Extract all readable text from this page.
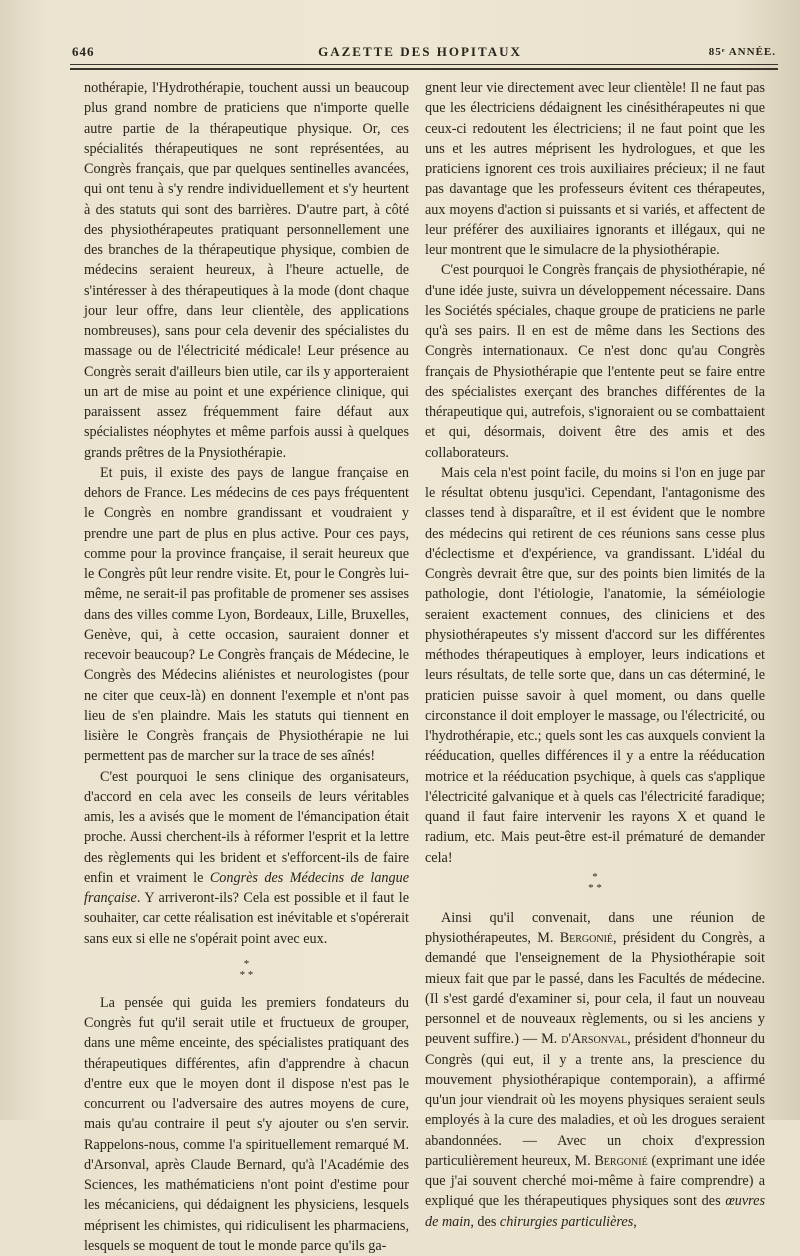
646	GAZETTE DES HOPITAUX	85ᵉ ANNÉE.

nothérapie, l'Hydrothérapie, touchent aussi un beaucoup plus grand nombre de praticiens que n'importe quelle autre partie de la thérapeutique physique. Or, ces spécialités thérapeutiques ne sont représentées, au Congrès français, que par quelques sentinelles avancées, qui ont tenu à s'y rendre individuellement et s'y heurtent à des statuts qui sont des barrières. D'autre part, à côté des physiothérapeutes pratiquant personnellement une des branches de la thérapeutique physique, combien de médecins seraient heureux, à l'heure actuelle, de s'intéresser à des thérapeutiques à la mode (dont chaque jour leur offre, dans leur clientèle, des applications nombreuses), sans pour cela devenir des spécialistes du massage ou de l'électricité médicale! Leur présence au Congrès serait d'ailleurs bien utile, car ils y apporteraient un art de mise au point et une expérience clinique, qui paraissent assez fréquemment faire défaut aux spécialistes néophytes et même parfois aussi à quelques grands prêtres de la Pnysiothérapie.

Et puis, il existe des pays de langue française en dehors de France. Les médecins de ces pays fréquentent le Congrès en nombre grandissant et voudraient y prendre une part de plus en plus active. Pour ces pays, comme pour la province française, il serait heureux que le Congrès pût leur rendre visite. Et, pour le Congrès lui-même, ne serait-il pas profitable de promener ses assises dans des villes comme Lyon, Bordeaux, Lille, Bruxelles, Genève, qui, à cette occasion, sauraient donner et recevoir beaucoup? Le Congrès français de Médecine, le Congrès des Médecins aliénistes et neurologistes (pour ne citer que ceux-là) en donnent l'exemple et n'ont pas lieu de s'en plaindre. Mais les statuts qui tiennent en lisière le Congrès français de Physiothérapie ne lui permettent pas de marcher sur la trace de ses aînés!

C'est pourquoi le sens clinique des organisateurs, d'accord en cela avec les conseils de leurs véritables amis, les a avisés que le moment de l'émancipation était proche. Aussi cherchent-ils à réformer l'esprit et la lettre des règlements qui les brident et s'efforcent-ils de faire enfin et vraiment le Congrès des Médecins de langue française. Y arriveront-ils? Cela est possible et il faut le souhaiter, car cette réalisation est inévitable et s'opérerait sans eux si elle ne s'opérait point avec eux.

*
* *

La pensée qui guida les premiers fondateurs du Congrès fut qu'il serait utile et fructueux de grouper, dans une même enceinte, des spécialistes pratiquant des thérapeutiques différentes, afin d'apprendre à chacun d'entre eux que le moyen dont il dispose n'est pas le concurrent ou l'adversaire des autres moyens de cure, mais qu'au contraire il peut s'y ajouter ou s'en servir. Rappelons-nous, comme l'a spirituellement remarqué M. d'Arsonval, après Claude Bernard, qu'à l'Académie des Sciences, les mathématiciens n'ont point d'estime pour les mécaniciens, qui dédaignent les physiciens, lesquels méprisent les chimistes, qui ridiculisent les pharmaciens, lesquels se moquent de tout le monde parce qu'ils ga-

gnent leur vie directement avec leur clientèle! Il ne faut pas que les électriciens dédaignent les cinésithérapeutes ni que ceux-ci redoutent les électriciens; il ne faut point que les uns et les autres méprisent les hydrologues, et que les praticiens ignorent ces trois auxiliaires précieux; il ne faut pas davantage que les professeurs évitent ces thérapeutes, aux moyens d'action si puissants et si variés, et affectent de leur préférer des auxiliaires ignorants et illégaux, qui ne leur montrent que le simulacre de la physiothérapie.

C'est pourquoi le Congrès français de physiothérapie, né d'une idée juste, suivra un développement nécessaire. Dans les Sociétés spéciales, chaque groupe de praticiens ne parle qu'à ses pairs. Il en est de même dans les Sections des Congrès internationaux. Ce n'est donc qu'au Congrès français de Physiothérapie que l'entente peut se faire entre des spécialistes exerçant des branches différentes de la thérapeutique qui, autrefois, s'ignoraient ou se combattaient et qui, désormais, doivent être des amis et des collaborateurs.

Mais cela n'est point facile, du moins si l'on en juge par le résultat obtenu jusqu'ici. Cependant, l'antagonisme des classes tend à disparaître, et il est évident que le nombre des médecins qui retirent de ces réunions sans cesse plus d'éclectisme et d'expérience, va grandissant. L'idéal du Congrès devrait être que, sur des points bien limités de la pathologie, dont l'étiologie, l'anatomie, la séméiologie seraient exactement connues, des cliniciens et des physiothérapeutes s'y missent d'accord sur les différentes méthodes thérapeutiques à employer, leurs indications et leurs résultats, de telle sorte que, dans un cas déterminé, le praticien puisse savoir à quel moment, ou dans quelle circonstance il doit employer le massage, ou l'électricité, ou l'hydrothérapie, etc.; quels sont les cas auxquels convient la rééducation, quelles différences il y a entre la rééducation motrice et la rééducation psychique, à quels cas s'applique l'électricité galvanique et à quels cas l'électricité faradique; quand il faut faire intervenir les rayons X et quand le radium, etc. Mais peut-être est-il prématuré de demander cela!

*
* *

Ainsi qu'il convenait, dans une réunion de physiothérapeutes, M. Bergonié, président du Congrès, a demandé que l'enseignement de la Physiothérapie soit mieux fait que par le passé, dans les Facultés de médecine. (Il s'est gardé d'examiner si, pour cela, il faut un nouveau personnel et de nouveaux règlements, ou si les anciens y peuvent suffire.) — M. d'Arsonval, président d'honneur du Congrès (qui eut, il y a trente ans, la prescience du mouvement physiothérapique contemporain), a affirmé qu'un jour viendrait où les moyens physiques seraient seuls employés à la cure des maladies, et où les drogues seraient abandonnées. — Avec un choix d'expression particulièrement heureux, M. Bergonié (exprimant une idée que j'ai souvent cherché moi-même à faire comprendre) a expliqué que les thérapeutiques physiques sont des œuvres de main, des chirurgies particulières,
